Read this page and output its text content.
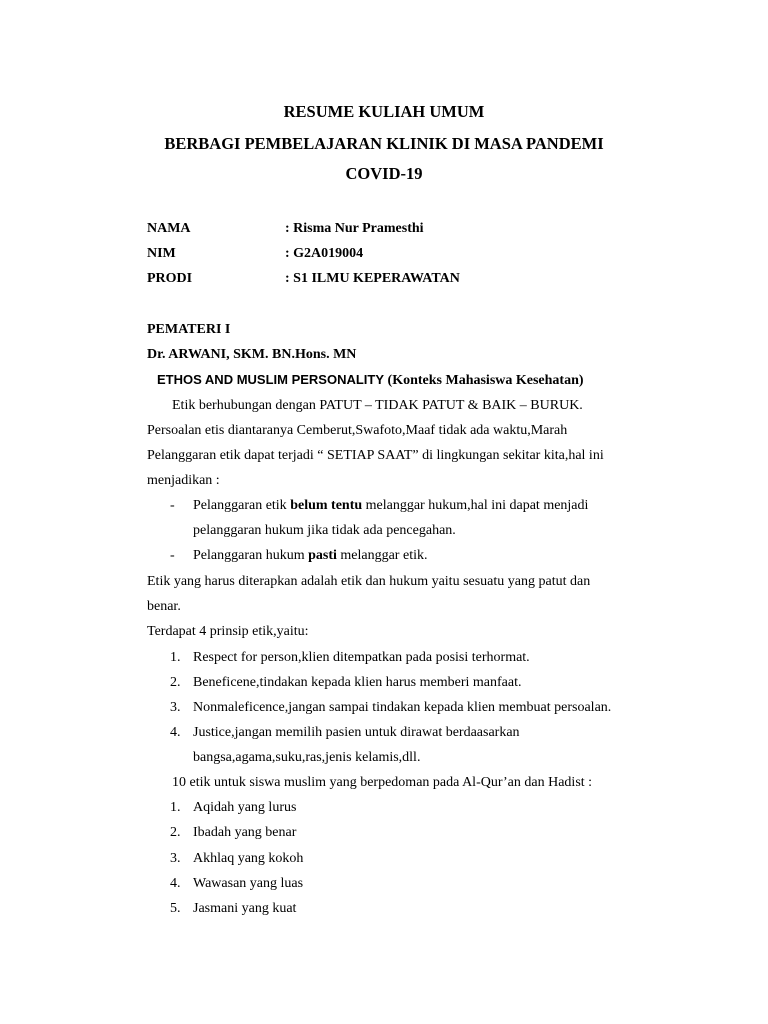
RESUME KULIAH UMUM
BERBAGI PEMBELAJARAN KLINIK DI MASA PANDEMI
COVID-19
NAMA	: Risma Nur Pramesthi
NIM	: G2A019004
PRODI	: S1 ILMU KEPERAWATAN
PEMATERI I
Dr. ARWANI, SKM. BN.Hons. MN
ETHOS AND MUSLIM PERSONALITY (Konteks Mahasiswa Kesehatan)
Etik berhubungan dengan PATUT – TIDAK PATUT & BAIK – BURUK.
Persoalan etis diantaranya Cemberut,Swafoto,Maaf tidak ada waktu,Marah
Pelanggaran etik dapat terjadi “ SETIAP SAAT” di lingkungan sekitar kita,hal ini
menjadikan :
- Pelanggaran etik belum tentu melanggar hukum,hal ini dapat menjadi
pelanggaran hukum jika tidak ada pencegahan.
- Pelanggaran hukum pasti melanggar etik.
Etik yang harus diterapkan adalah etik dan hukum yaitu sesuatu yang patut dan
benar.
Terdapat 4 prinsip etik,yaitu:
1. Respect for person,klien ditempatkan pada posisi terhormat.
2. Beneficene,tindakan kepada klien harus memberi manfaat.
3. Nonmaleficence,jangan sampai tindakan kepada klien membuat persoalan.
4. Justice,jangan memilih pasien untuk dirawat berdaasarkan
bangsa,agama,suku,ras,jenis kelamis,dll.
10 etik untuk siswa muslim yang berpedoman pada Al-Qur’an dan Hadist :
1. Aqidah yang lurus
2. Ibadah yang benar
3. Akhlaq yang kokoh
4. Wawasan yang luas
5. Jasmani yang kuat
